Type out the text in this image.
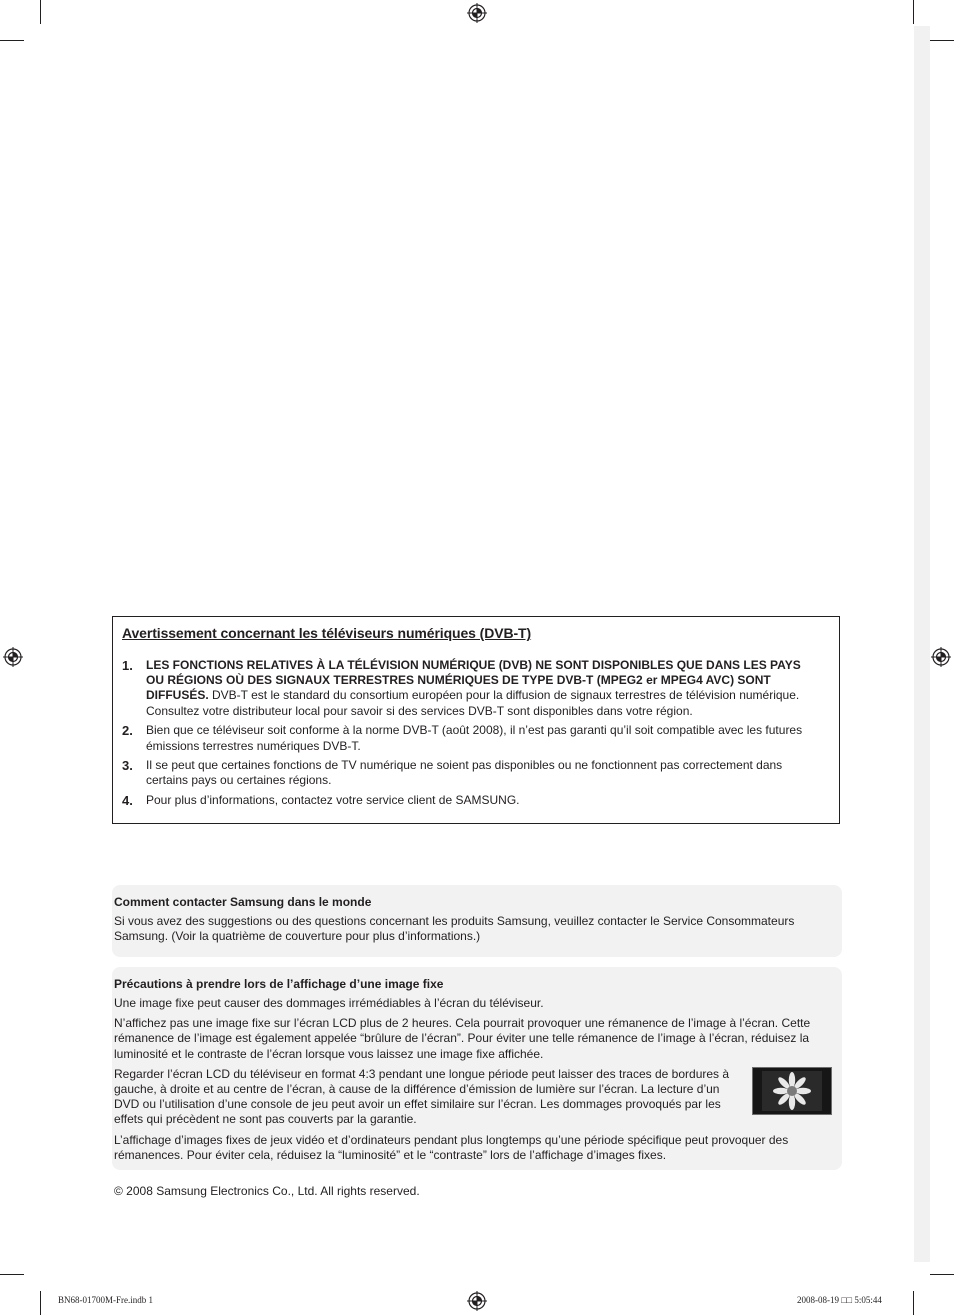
Avertissement concernant les téléviseurs numériques (DVB-T)
1. LES FONCTIONS RELATIVES À LA TÉLÉVISION NUMÉRIQUE (DVB) NE SONT DISPONIBLES QUE DANS LES PAYS OU RÉGIONS OÙ DES SIGNAUX TERRESTRES NUMÉRIQUES DE TYPE DVB-T (MPEG2 er MPEG4 AVC) SONT DIFFUSÉS. DVB-T est le standard du consortium européen pour la diffusion de signaux terrestres de télévision numérique. Consultez votre distributeur local pour savoir si des services DVB-T sont disponibles dans votre région.
2. Bien que ce téléviseur soit conforme à la norme DVB-T (août 2008), il n’est pas garanti qu’il soit compatible avec les futures émissions terrestres numériques DVB-T.
3. Il se peut que certaines fonctions de TV numérique ne soient pas disponibles ou ne fonctionnent pas correctement dans certains pays ou certaines régions.
4. Pour plus d’informations, contactez votre service client de SAMSUNG.
Comment contacter Samsung dans le monde

Si vous avez des suggestions ou des questions concernant les produits Samsung, veuillez contacter le Service Consommateurs Samsung. (Voir la quatrième de couverture pour plus d’informations.)

Précautions à prendre lors de l’affichage d’une image fixe

Une image fixe peut causer des dommages irrémédiables à l’écran du téléviseur.

N’affichez pas une image fixe sur l’écran LCD plus de 2 heures. Cela pourrait provoquer une rémanence de l’image à l’écran. Cette rémanence de l’image est également appelée “brûlure de l’écran”. Pour éviter une telle rémanence de l’image à l’écran, réduisez la luminosité et le contraste de l’écran lorsque vous laissez une image fixe affichée.

Regarder l’écran LCD du téléviseur en format 4:3 pendant une longue période peut laisser des traces de bordures à gauche, à droite et au centre de l’écran, à cause de la différence d’émission de lumière sur l’écran. La lecture d’un DVD ou l’utilisation d’une console de jeu peut avoir un effet similaire sur l’écran. Les dommages provoqués par les effets qui précèdent ne sont pas couverts par la garantie.

L’affichage d’images fixes de jeux vidéo et d’ordinateurs pendant plus longtemps qu’une période spécifique peut provoquer des rémanences. Pour éviter cela, réduisez la “luminosité” et le “contraste” lors de l’affichage d’images fixes.

© 2008 Samsung Electronics Co., Ltd. All rights reserved.

BN68-01700M-Fre.indb 1	2008-08-19 □□ 5:05:44
